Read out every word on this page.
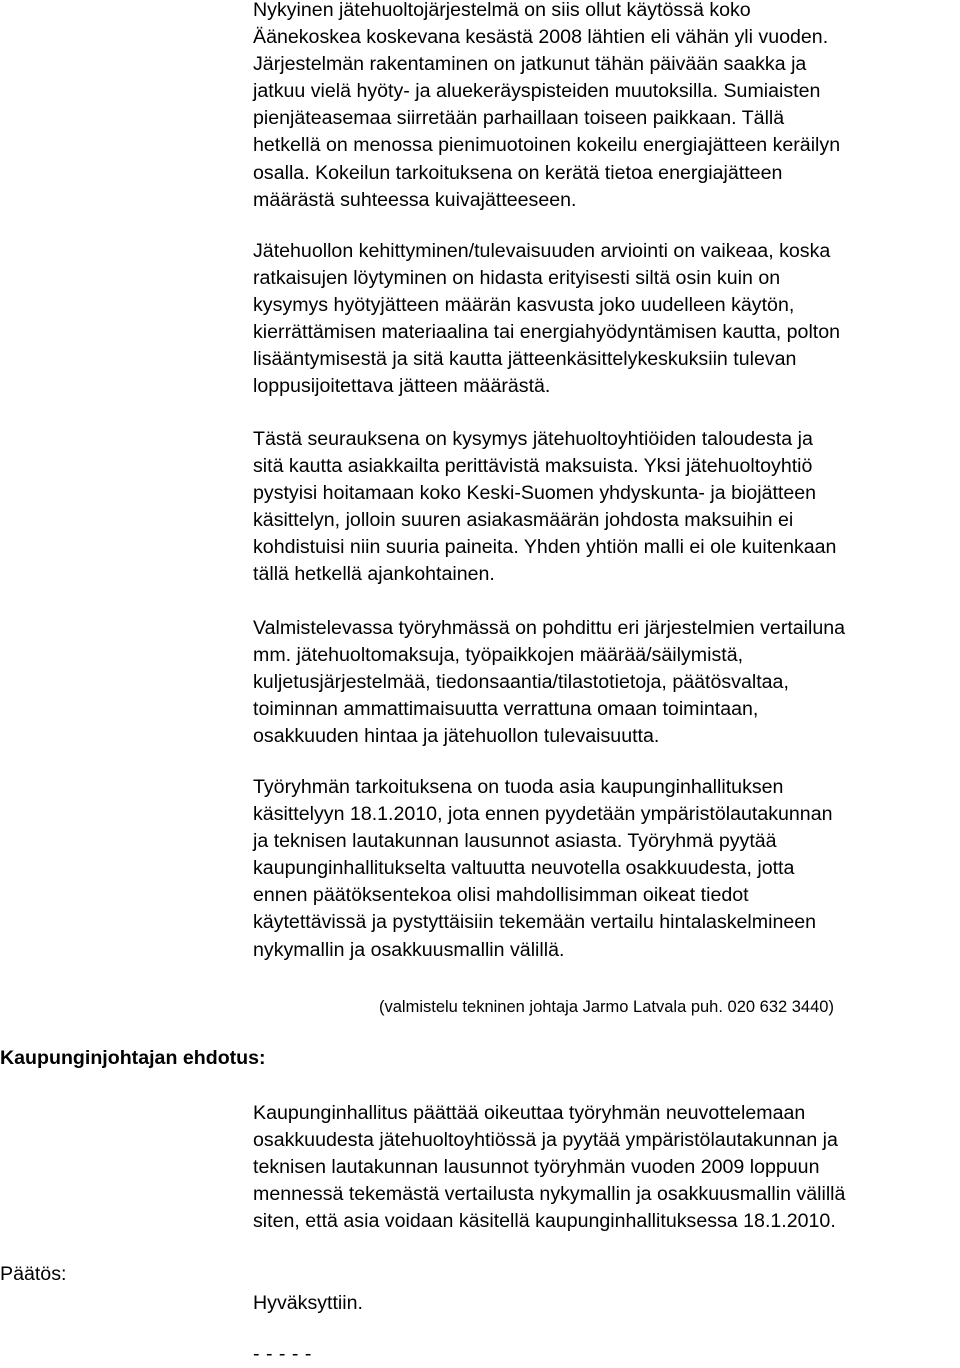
Nykyinen jätehuoltojärjestelmä on siis ollut käytössä koko
Äänekoskea koskevana kesästä 2008 lähtien eli vähän yli vuoden.
Järjestelmän rakentaminen on jatkunut tähän päivään saakka ja
jatkuu vielä hyöty- ja aluekeräyspisteiden muutoksilla. Sumiaisten
pienjäteasemaa siirretään parhaillaan toiseen paikkaan. Tällä
hetkellä on menossa pienimuotoinen kokeilu energiajätteen keräilyn
osalla. Kokeilun tarkoituksena on kerätä tietoa energiajätteen
määrästä suhteessa kuivajätteeseen.

Jätehuollon kehittyminen/tulevaisuuden arviointi on vaikeaa, koska
ratkaisujen löytyminen on hidasta erityisesti siltä osin kuin on
kysymys hyötyjätteen määrän kasvusta joko uudelleen käytön,
kierrättämisen materiaalina tai energiahyödyntämisen kautta, polton
lisääntymisestä ja sitä kautta jätteenkäsittelykeskuksiin tulevan
loppusijoitettava jätteen määrästä.

Tästä seurauksena on kysymys jätehuoltoyhtiöiden taloudesta ja
sitä kautta asiakkailta perittävistä maksuista. Yksi jätehuoltoyhtiö
pystyisi hoitamaan koko Keski-Suomen yhdyskunta- ja biojätteen
käsittelyn, jolloin suuren asiakasmäärän johdosta maksuihin ei
kohdistuisi niin suuria paineita. Yhden yhtiön malli ei ole kuitenkaan
tällä hetkellä ajankohtainen.

Valmistelevassa työryhmässä on pohdittu eri järjestelmien vertailuna
mm. jätehuoltomaksuja, työpaikkojen määrää/säilymistä,
kuljetusjärjestelmää, tiedonsaantia/tilastotietoja, päätösvaltaa,
toiminnan ammattimaisuutta verrattuna omaan toimintaan,
osakkuuden hintaa ja jätehuollon tulevaisuutta.

Työryhmän tarkoituksena on tuoda asia kaupunginhallituksen
käsittelyyn 18.1.2010, jota ennen pyydetään ympäristölautakunnan
ja teknisen lautakunnan lausunnot asiasta. Työryhmä pyytää
kaupunginhallitukselta valtuutta neuvotella osakkuudesta, jotta
ennen päätöksentekoa olisi mahdollisimman oikeat tiedot
käytettävissä ja pystyttäisiin tekemään vertailu hintalaskelmineen
nykymallin ja osakkuusmallin välillä.

(valmistelu tekninen johtaja Jarmo Latvala puh. 020 632 3440)

Kaupunginjohtajan ehdotus:

Kaupunginhallitus päättää oikeuttaa työryhmän neuvottelemaan
osakkuudesta jätehuoltoyhtiössä ja pyytää ympäristölautakunnan ja
teknisen lautakunnan lausunnot työryhmän vuoden 2009 loppuun
mennessä tekemästä vertailusta nykymallin ja osakkuusmallin välillä
siten, että asia voidaan käsitellä kaupunginhallituksessa 18.1.2010.

Päätös:

Hyväksyttiin.

- - - - -
